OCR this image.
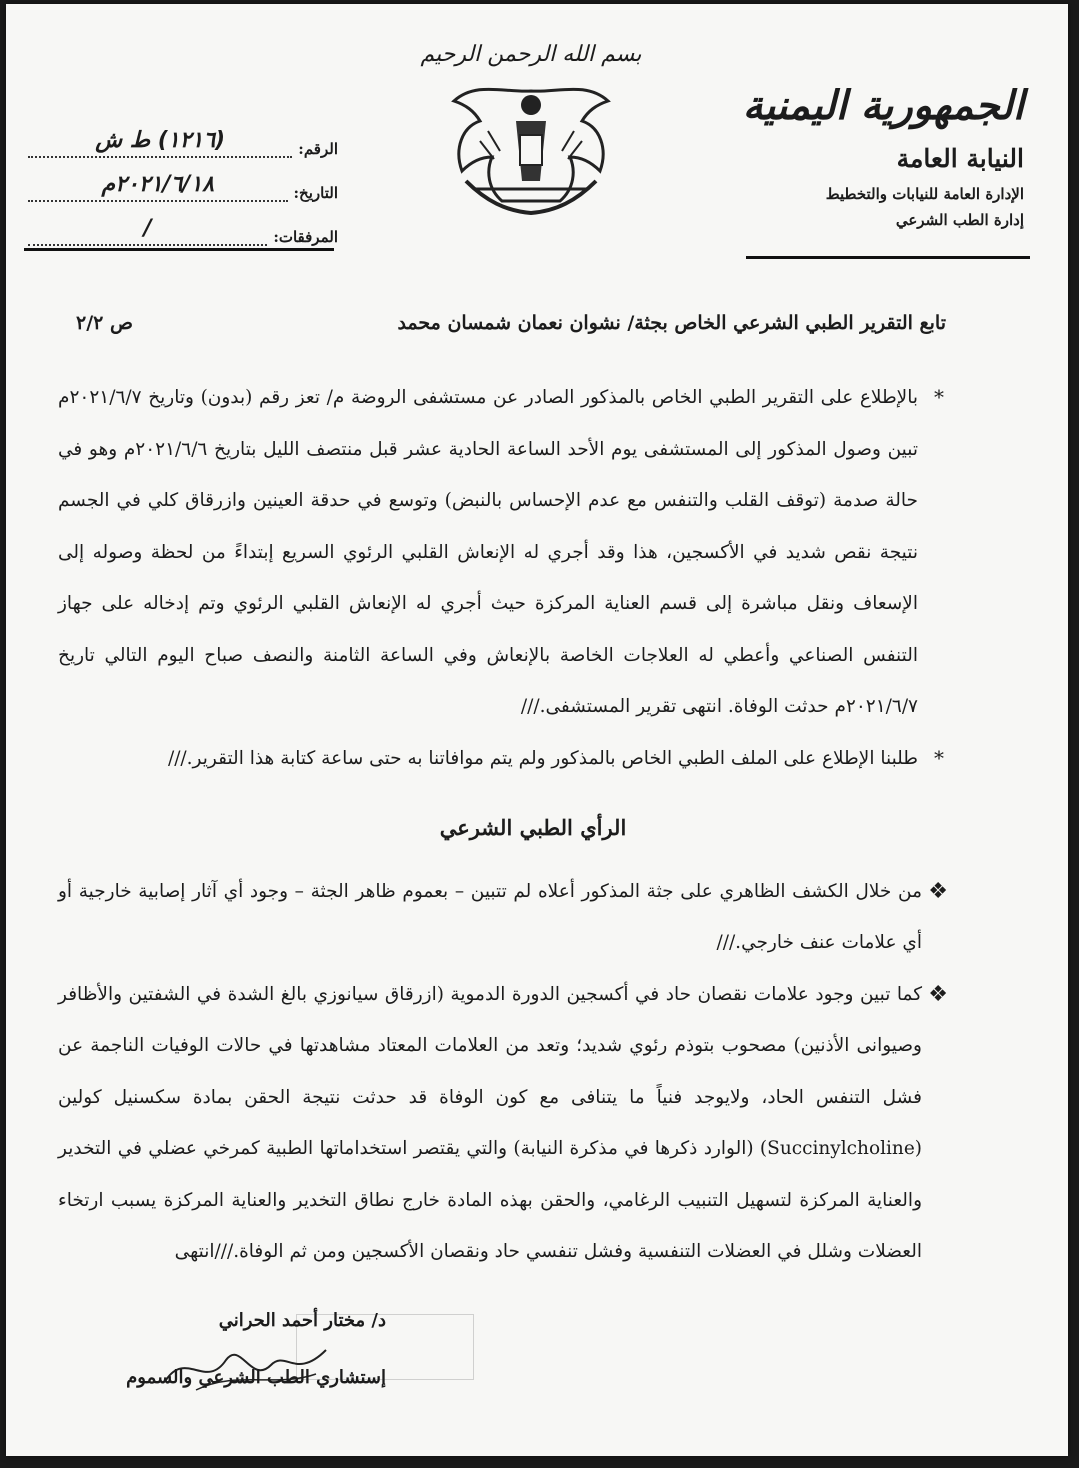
الجمهورية اليمنية
النيابة العامة
الإدارة العامة للنيابات والتخطيط
إدارة الطب الشرعي
بسم الله الرحمن الرحيم
الرقم:
(١٢١٦) ط ش
التاريخ:
٢٠٢١/٦/١٨م
المرفقات:
/
تابع التقرير الطبي الشرعي الخاص بجثة/ نشوان نعمان شمسان محمد
ص ٢/٢

*
بالإطلاع على التقرير الطبي الخاص بالمذكور الصادر عن مستشفى الروضة م/ تعز رقم (بدون) وتاريخ ٢٠٢١/٦/٧م تبين وصول المذكور إلى المستشفى يوم الأحد الساعة الحادية عشر قبل منتصف الليل بتاريخ ٢٠٢١/٦/٦م وهو في حالة صدمة (توقف القلب والتنفس مع عدم الإحساس بالنبض) وتوسع في حدقة العينين وازرقاق كلي في الجسم نتيجة نقص شديد في الأكسجين، هذا وقد أجري له الإنعاش القلبي الرئوي السريع إبتداءً من لحظة وصوله إلى الإسعاف ونقل مباشرة إلى قسم العناية المركزة حيث أجري له الإنعاش القلبي الرئوي وتم إدخاله على جهاز التنفس الصناعي وأعطي له العلاجات الخاصة بالإنعاش وفي الساعة الثامنة والنصف صباح اليوم التالي تاريخ ٢٠٢١/٦/٧م حدثت الوفاة. انتهى تقرير المستشفى.///

*
طلبنا الإطلاع على الملف الطبي الخاص بالمذكور ولم يتم موافاتنا به حتى ساعة كتابة هذا التقرير.///

الرأي الطبي الشرعي

❖
من خلال الكشف الظاهري على جثة المذكور أعلاه لم تتبين – بعموم ظاهر الجثة – وجود أي آثار إصابية خارجية أو أي علامات عنف خارجي.///

❖
كما تبين وجود علامات نقصان حاد في أكسجين الدورة الدموية (ازرقاق سيانوزي بالغ الشدة في الشفتين والأظافر وصيوانى الأذنين) مصحوب بتوذم رئوي شديد؛ وتعد من العلامات المعتاد مشاهدتها في حالات الوفيات الناجمة عن فشل التنفس الحاد، ولايوجد فنياً ما يتنافى مع كون الوفاة قد حدثت نتيجة الحقن بمادة سكسنيل كولين (Succinylcholine) (الوارد ذكرها في مذكرة النيابة) والتي يقتصر استخداماتها الطبية كمرخي عضلي في التخدير والعناية المركزة لتسهيل التنبيب الرغامي، والحقن بهذه المادة خارج نطاق التخدير والعناية المركزة يسبب ارتخاء العضلات وشلل في العضلات التنفسية وفشل تنفسي حاد ونقصان الأكسجين ومن ثم الوفاة.///انتهى

د/ مختار أحمد الحراني
إستشاري الطب الشرعي والسموم
